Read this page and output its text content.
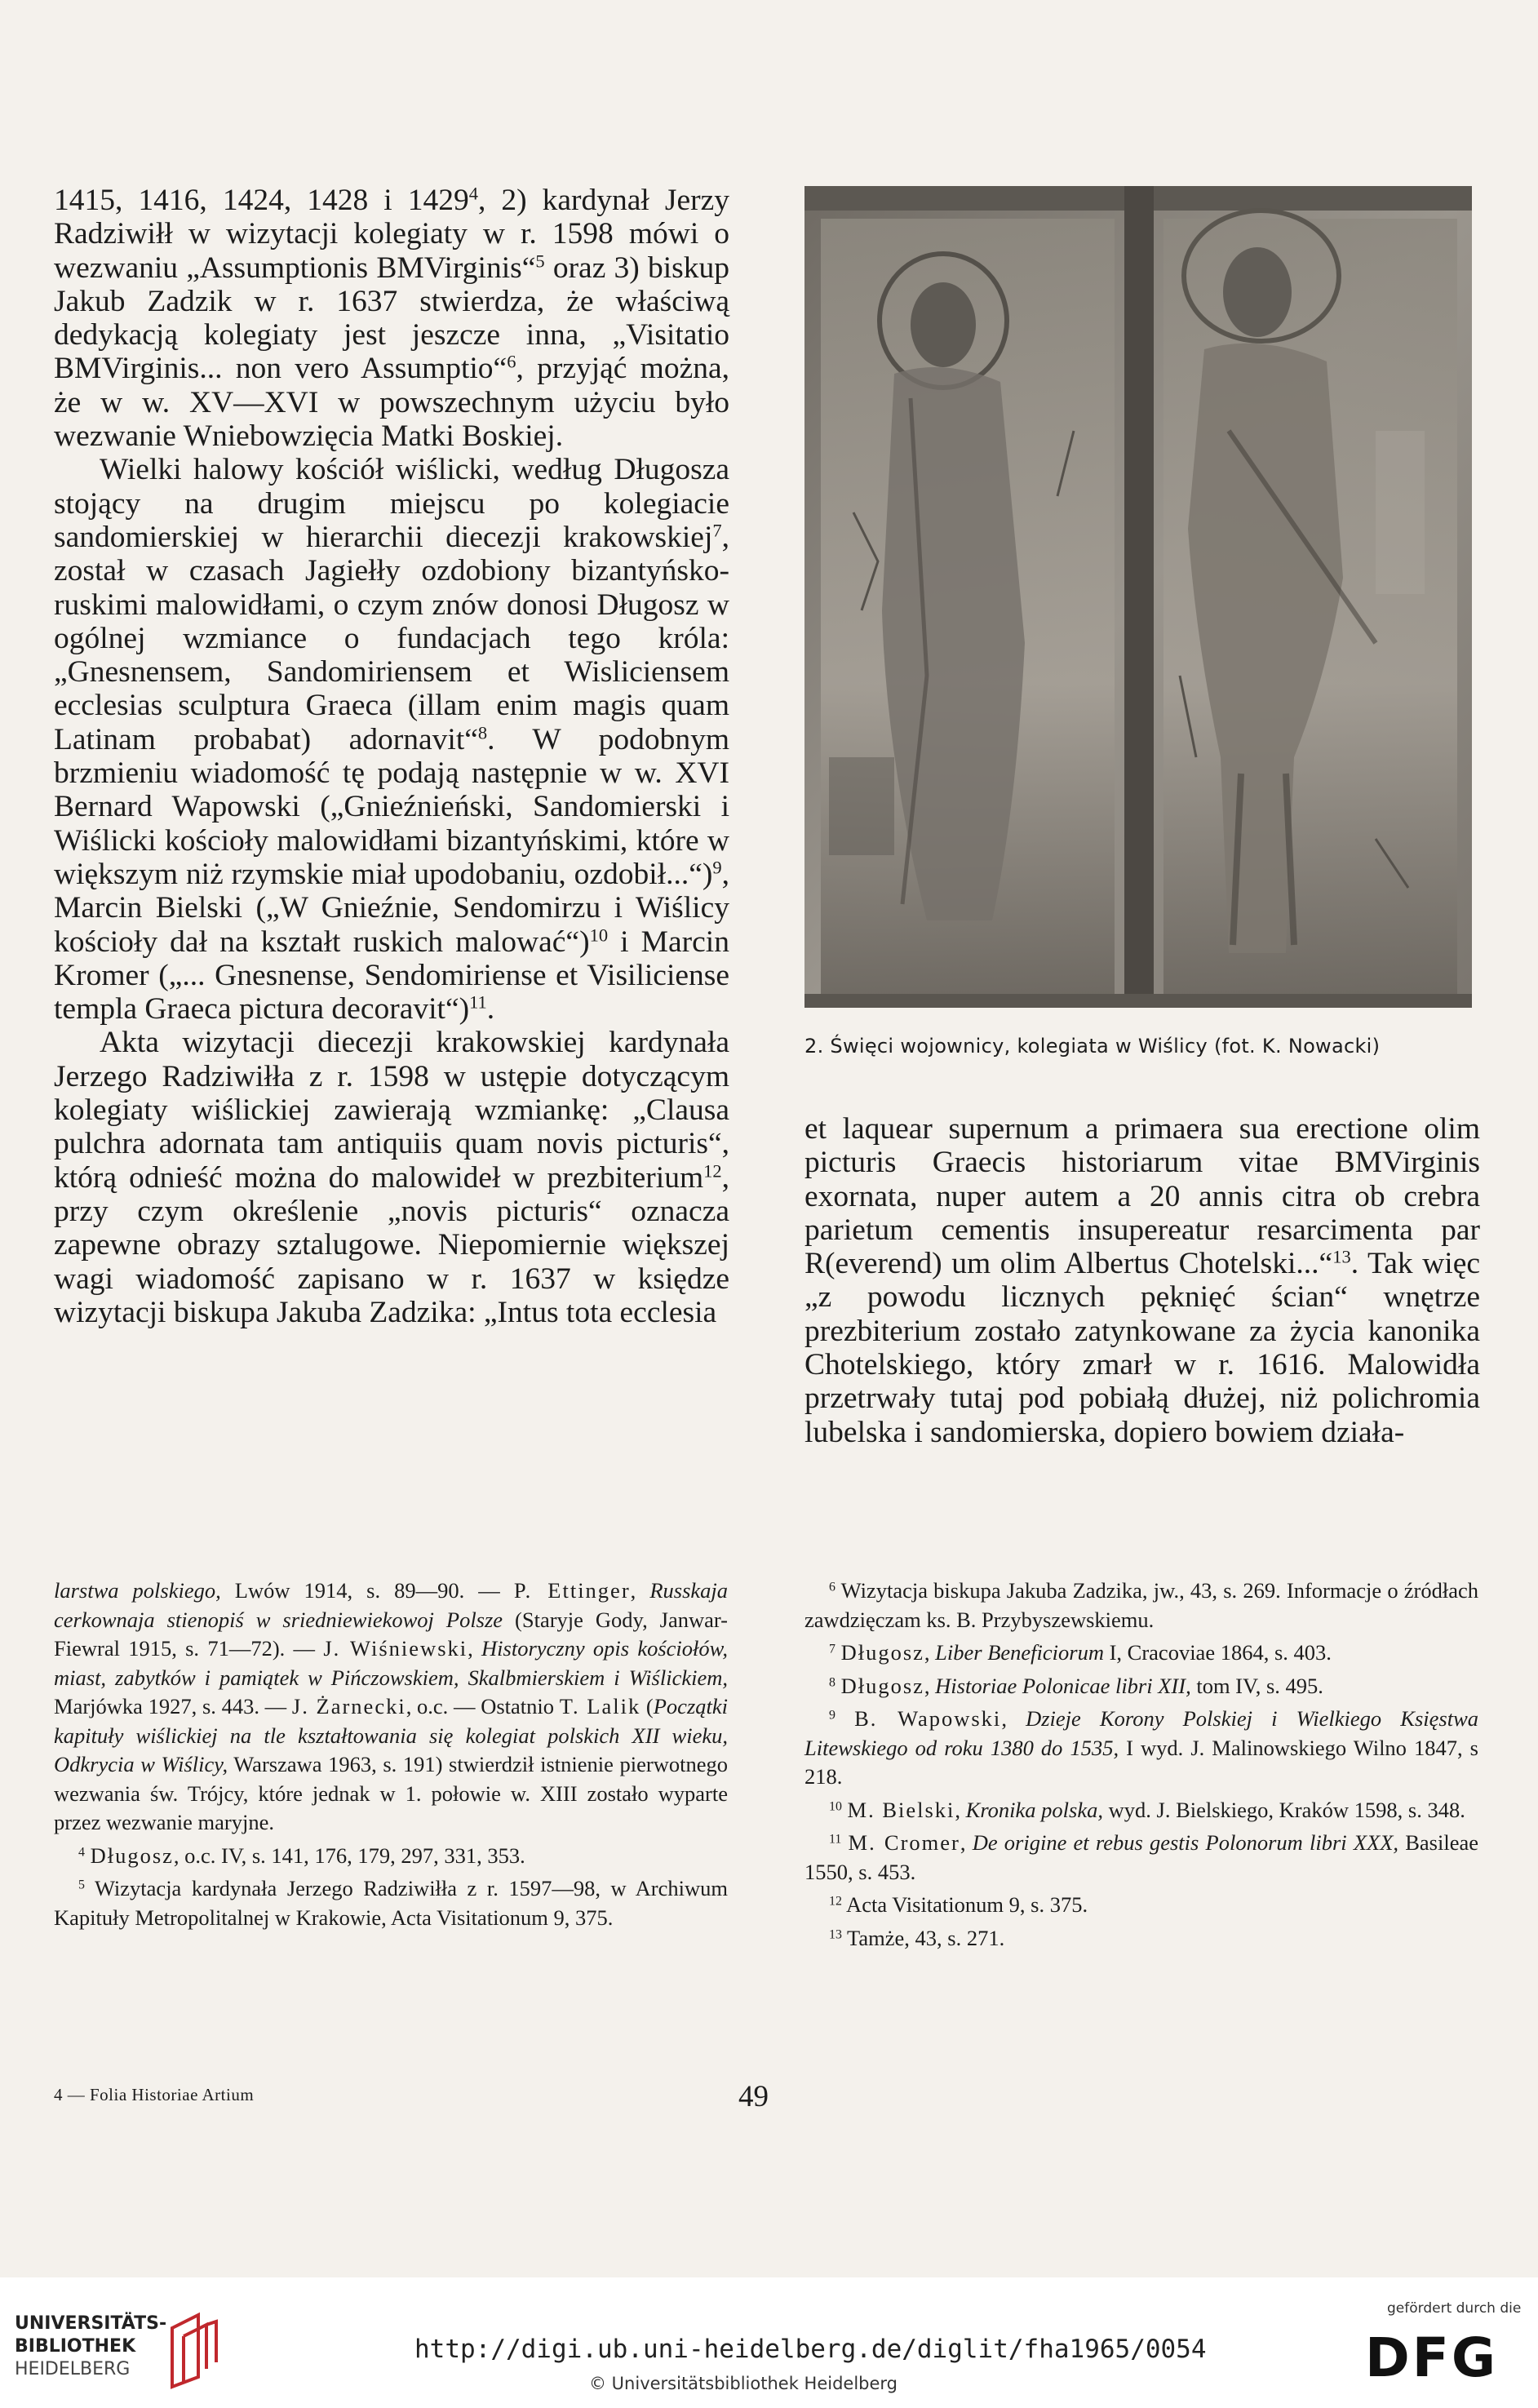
1415, 1416, 1424, 1428 i 1429$^4$, 2) kardynał Jerzy Radziwiłł w wizytacji kolegiaty w r. 1598 mówi o wezwaniu „Assumptionis BMVirginis“$^5$ oraz 3) biskup Jakub Zadzik w r. 1637 stwierdza, że właściwą dedykacją kolegiaty jest jeszcze inna, „Visitatio BMVirginis... non vero Assumptio“$^6$, przyjąć można, że w w. XV—XVI w powszechnym użyciu było wezwanie Wniebowzięcia Matki Boskiej.

Wielki halowy kościół wiślicki, według Długosza stojący na drugim miejscu po kolegiacie sandomierskiej w hierarchii diecezji krakowskiej$^7$, został w czasach Jagiełły ozdobiony bizantyńsko-ruskimi malowidłami, o czym znów donosi Długosz w ogólnej wzmiance o fundacjach tego króla: „Gnesnensem, Sandomiriensem et Wisliciensem ecclesias sculptura Graeca (illam enim magis quam Latinam probabat) adornavit“$^8$. W podobnym brzmieniu wiadomość tę podają następnie w w. XVI Bernard Wapowski („Gnieźnieński, Sandomierski i Wiślicki kościoły malowidłami bizantyńskimi, które w większym niż rzymskie miał upodobaniu, ozdobił...“)$^9$, Marcin Bielski („W Gnieźnie, Sendomirzu i Wiślicy kościoły dał na kształt ruskich malować“)$^{10}$ i Marcin Kromer („... Gnesnense, Sendomiriense et Visiliciense templa Graeca pictura decoravit“)$^{11}$.

Akta wizytacji diecezji krakowskiej kardynała Jerzego Radziwiłła z r. 1598 w ustępie dotyczącym kolegiaty wiślickiej zawierają wzmiankę: „Clausa pulchra adornata tam antiquiis quam novis picturis“, którą odnieść można do malowideł w prezbiterium$^{12}$, przy czym określenie „novis picturis“ oznacza zapewne obrazy sztalugowe. Niepomiernie większej wagi wiadomość zapisano w r. 1637 w księdze wizytacji biskupa Jakuba Zadzika: „Intus tota ecclesia

2. Święci wojownicy, kolegiata w Wiślicy (fot. K. Nowacki)

et laquear supernum a primaera sua erectione olim picturis Graecis historiarum vitae BMVirginis exornata, nuper autem a 20 annis citra ob crebra parietum cementis insupereatur resarcimenta par R(everend) um olim Albertus Chotelski...“$^{13}$. Tak więc „z powodu licznych pęknięć ścian“ wnętrze prezbiterium zostało zatynkowane za życia kanonika Chotelskiego, który zmarł w r. 1616. Malowidła przetrwały tutaj pod pobiałą dłużej, niż polichromia lubelska i sandomierska, dopiero bowiem działa-

larstwa polskiego, Lwów 1914, s. 89—90. — P. Ettinger, Russkaja cerkownaja stienopiś w sriedniewiekowoj Polsze (Staryje Gody, Janwar-Fiewral 1915, s. 71—72). — J. Wiśniewski, Historyczny opis kościołów, miast, zabytków i pamiątek w Pińczowskiem, Skalbmierskiem i Wiślickiem, Marjówka 1927, s. 443. — J. Żarnecki, o.c. — Ostatnio T. Lalik (Początki kapituły wiślickiej na tle kształtowania się kolegiat polskich XII wieku, Odkrycia w Wiślicy, Warszawa 1963, s. 191) stwierdził istnienie pierwotnego wezwania św. Trójcy, które jednak w 1. połowie w. XIII zostało wyparte przez wezwanie maryjne.
$^4$ Długosz, o.c. IV, s. 141, 176, 179, 297, 331, 353.
$^5$ Wizytacja kardynała Jerzego Radziwiłła z r. 1597—98, w Archiwum Kapituły Metropolitalnej w Krakowie, Acta Visitationum 9, 375.
$^6$ Wizytacja biskupa Jakuba Zadzika, jw., 43, s. 269. Informacje o źródłach zawdzięczam ks. B. Przybyszewskiemu.
$^7$ Długosz, Liber Beneficiorum I, Cracoviae 1864, s. 403.
$^8$ Długosz, Historiae Polonicae libri XII, tom IV, s. 495.
$^9$ B. Wapowski, Dzieje Korony Polskiej i Wielkiego Księstwa Litewskiego od roku 1380 do 1535, I wyd. J. Malinowskiego Wilno 1847, s 218.
$^{10}$ M. Bielski, Kronika polska, wyd. J. Bielskiego, Kraków 1598, s. 348.
$^{11}$ M. Cromer, De origine et rebus gestis Polonorum libri XXX, Basileae 1550, s. 453.
$^{12}$ Acta Visitationum 9, s. 375.
$^{13}$ Tamże, 43, s. 271.
4 — Folia Historiae Artium	49
UNIVERSITÄTS-
BIBLIOTHEK
HEIDELBERG
http://digi.ub.uni-heidelberg.de/diglit/fha1965/0054
© Universitätsbibliothek Heidelberg
gefördert durch die
DFG
